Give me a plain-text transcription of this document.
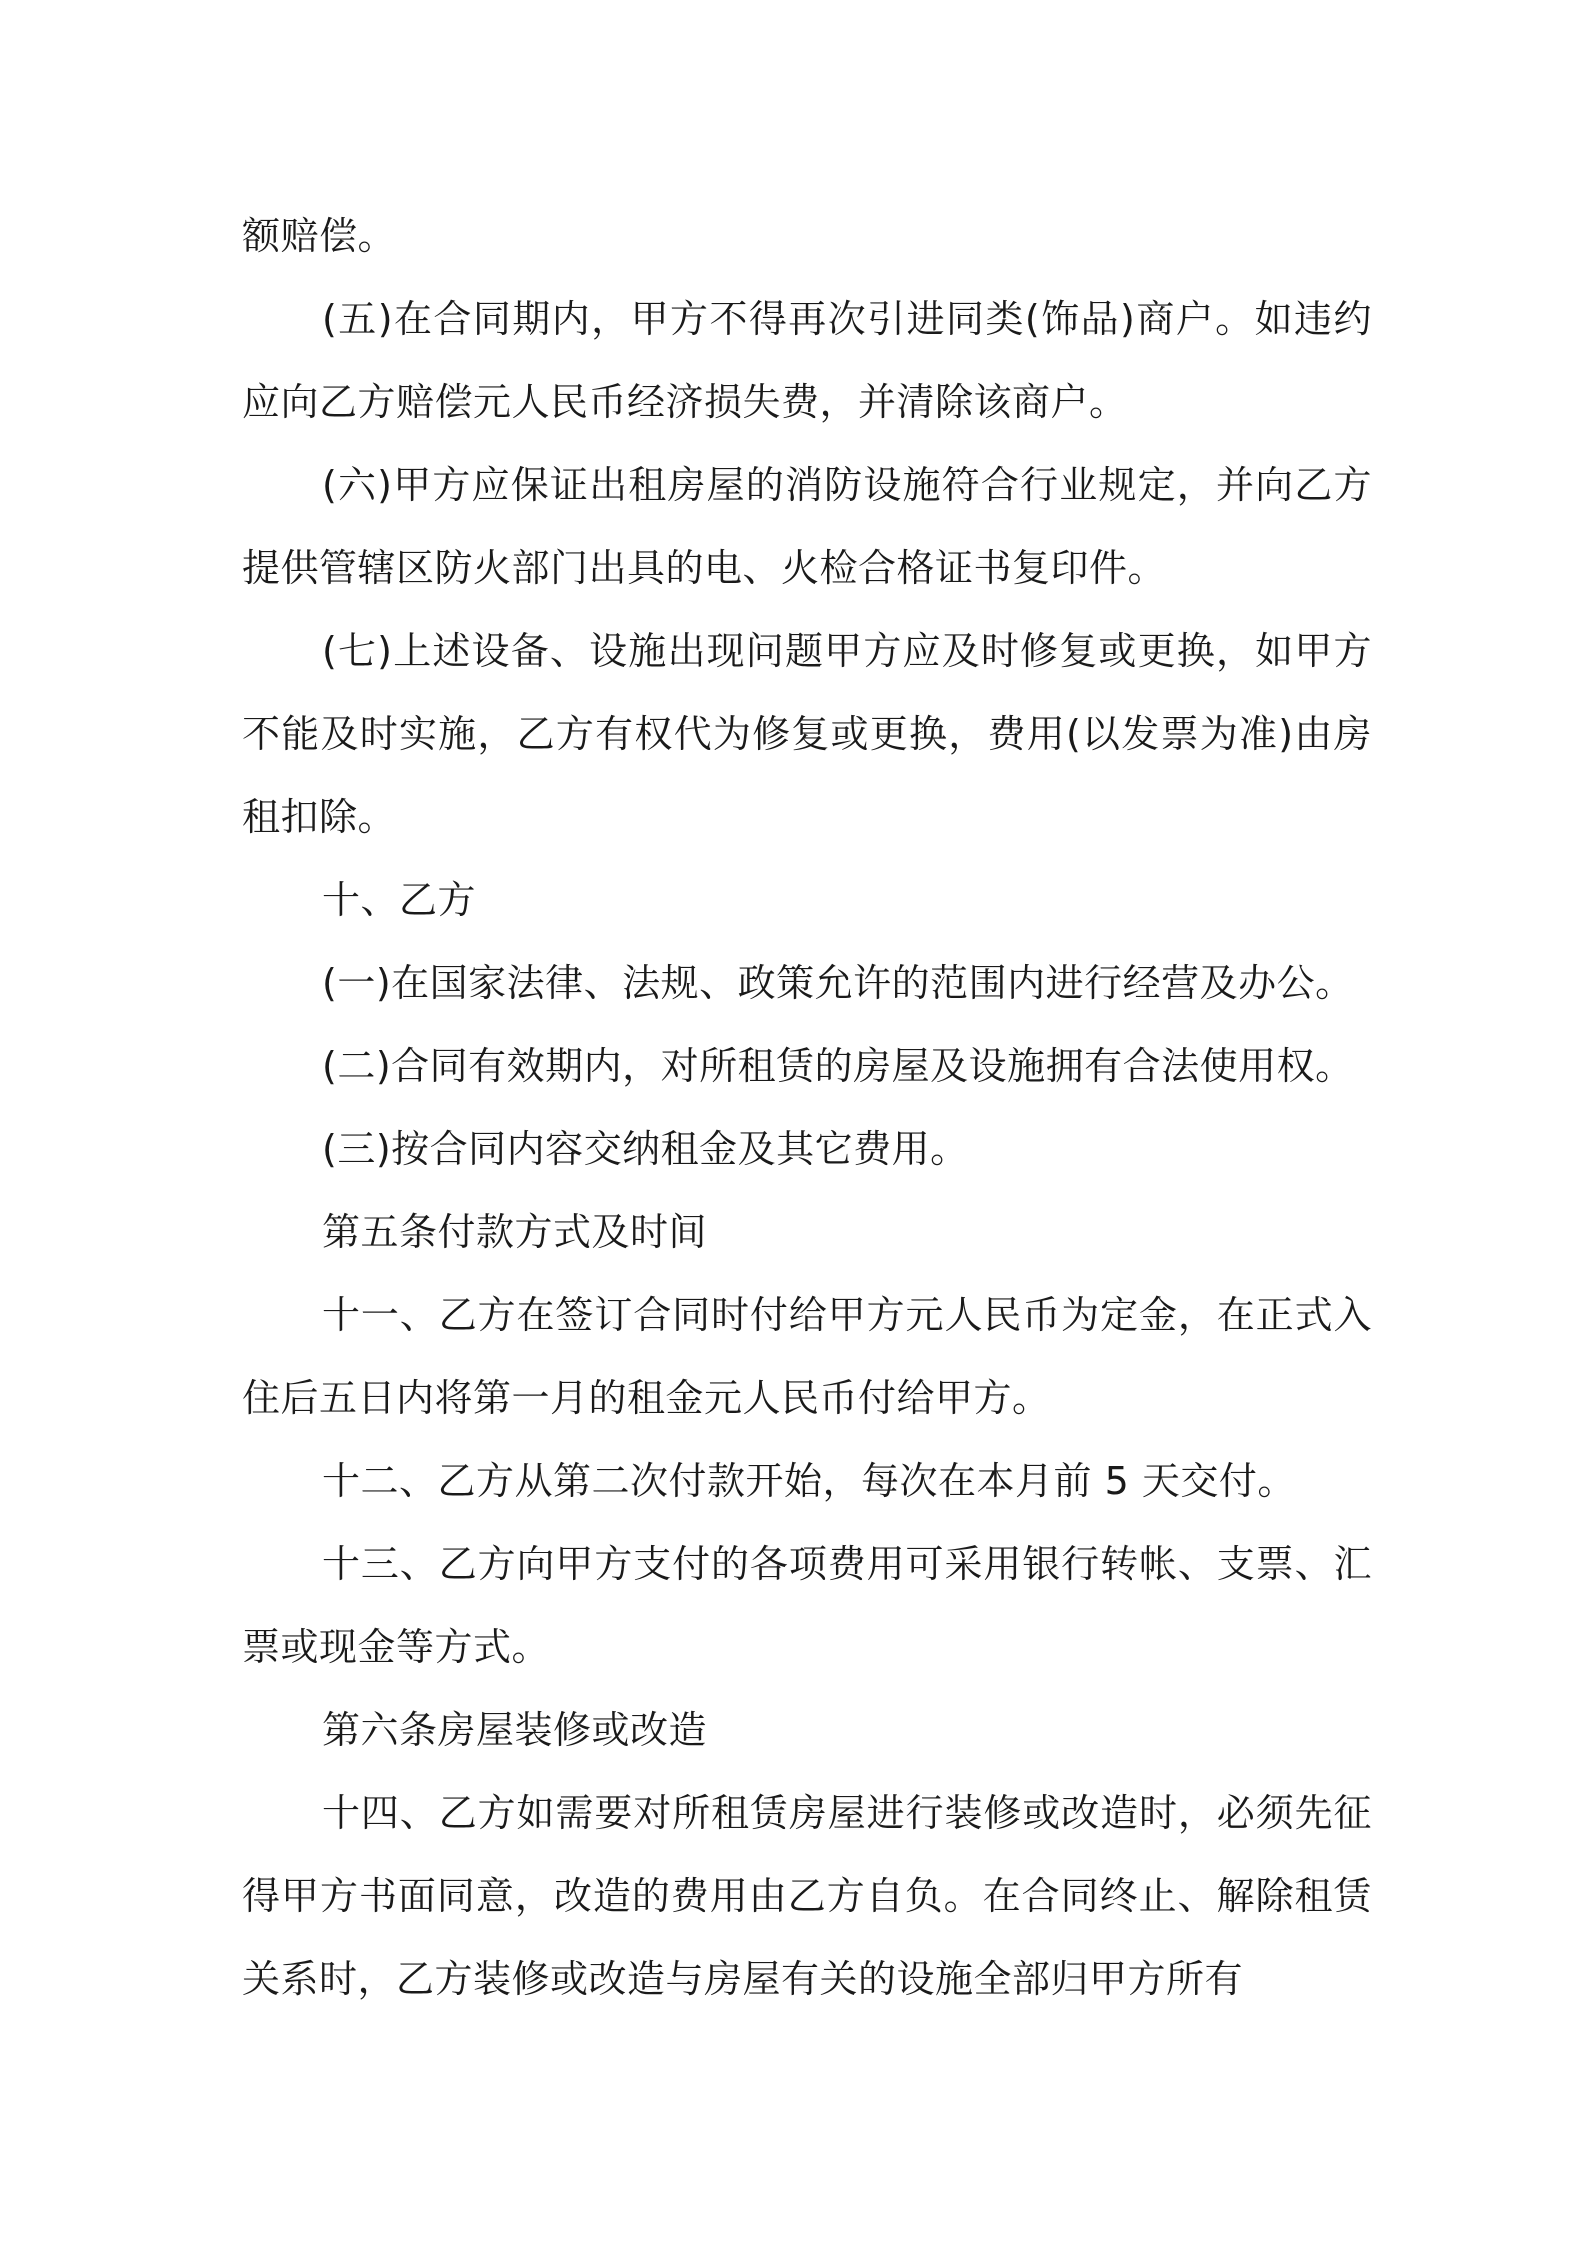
额赔偿。

(五)在合同期内，甲方不得再次引进同类(饰品)商户。如违约应向乙方赔偿元人民币经济损失费，并清除该商户。

(六)甲方应保证出租房屋的消防设施符合行业规定，并向乙方提供管辖区防火部门出具的电、火检合格证书复印件。

(七)上述设备、设施出现问题甲方应及时修复或更换，如甲方不能及时实施，乙方有权代为修复或更换，费用(以发票为准)由房租扣除。

十、乙方

(一)在国家法律、法规、政策允许的范围内进行经营及办公。

(二)合同有效期内，对所租赁的房屋及设施拥有合法使用权。

(三)按合同内容交纳租金及其它费用。

第五条付款方式及时间

十一、乙方在签订合同时付给甲方元人民币为定金，在正式入住后五日内将第一月的租金元人民币付给甲方。

十二、乙方从第二次付款开始，每次在本月前 5 天交付。

十三、乙方向甲方支付的各项费用可采用银行转帐、支票、汇票或现金等方式。

第六条房屋装修或改造

十四、乙方如需要对所租赁房屋进行装修或改造时，必须先征得甲方书面同意，改造的费用由乙方自负。在合同终止、解除租赁关系时，乙方装修或改造与房屋有关的设施全部归甲方所有
